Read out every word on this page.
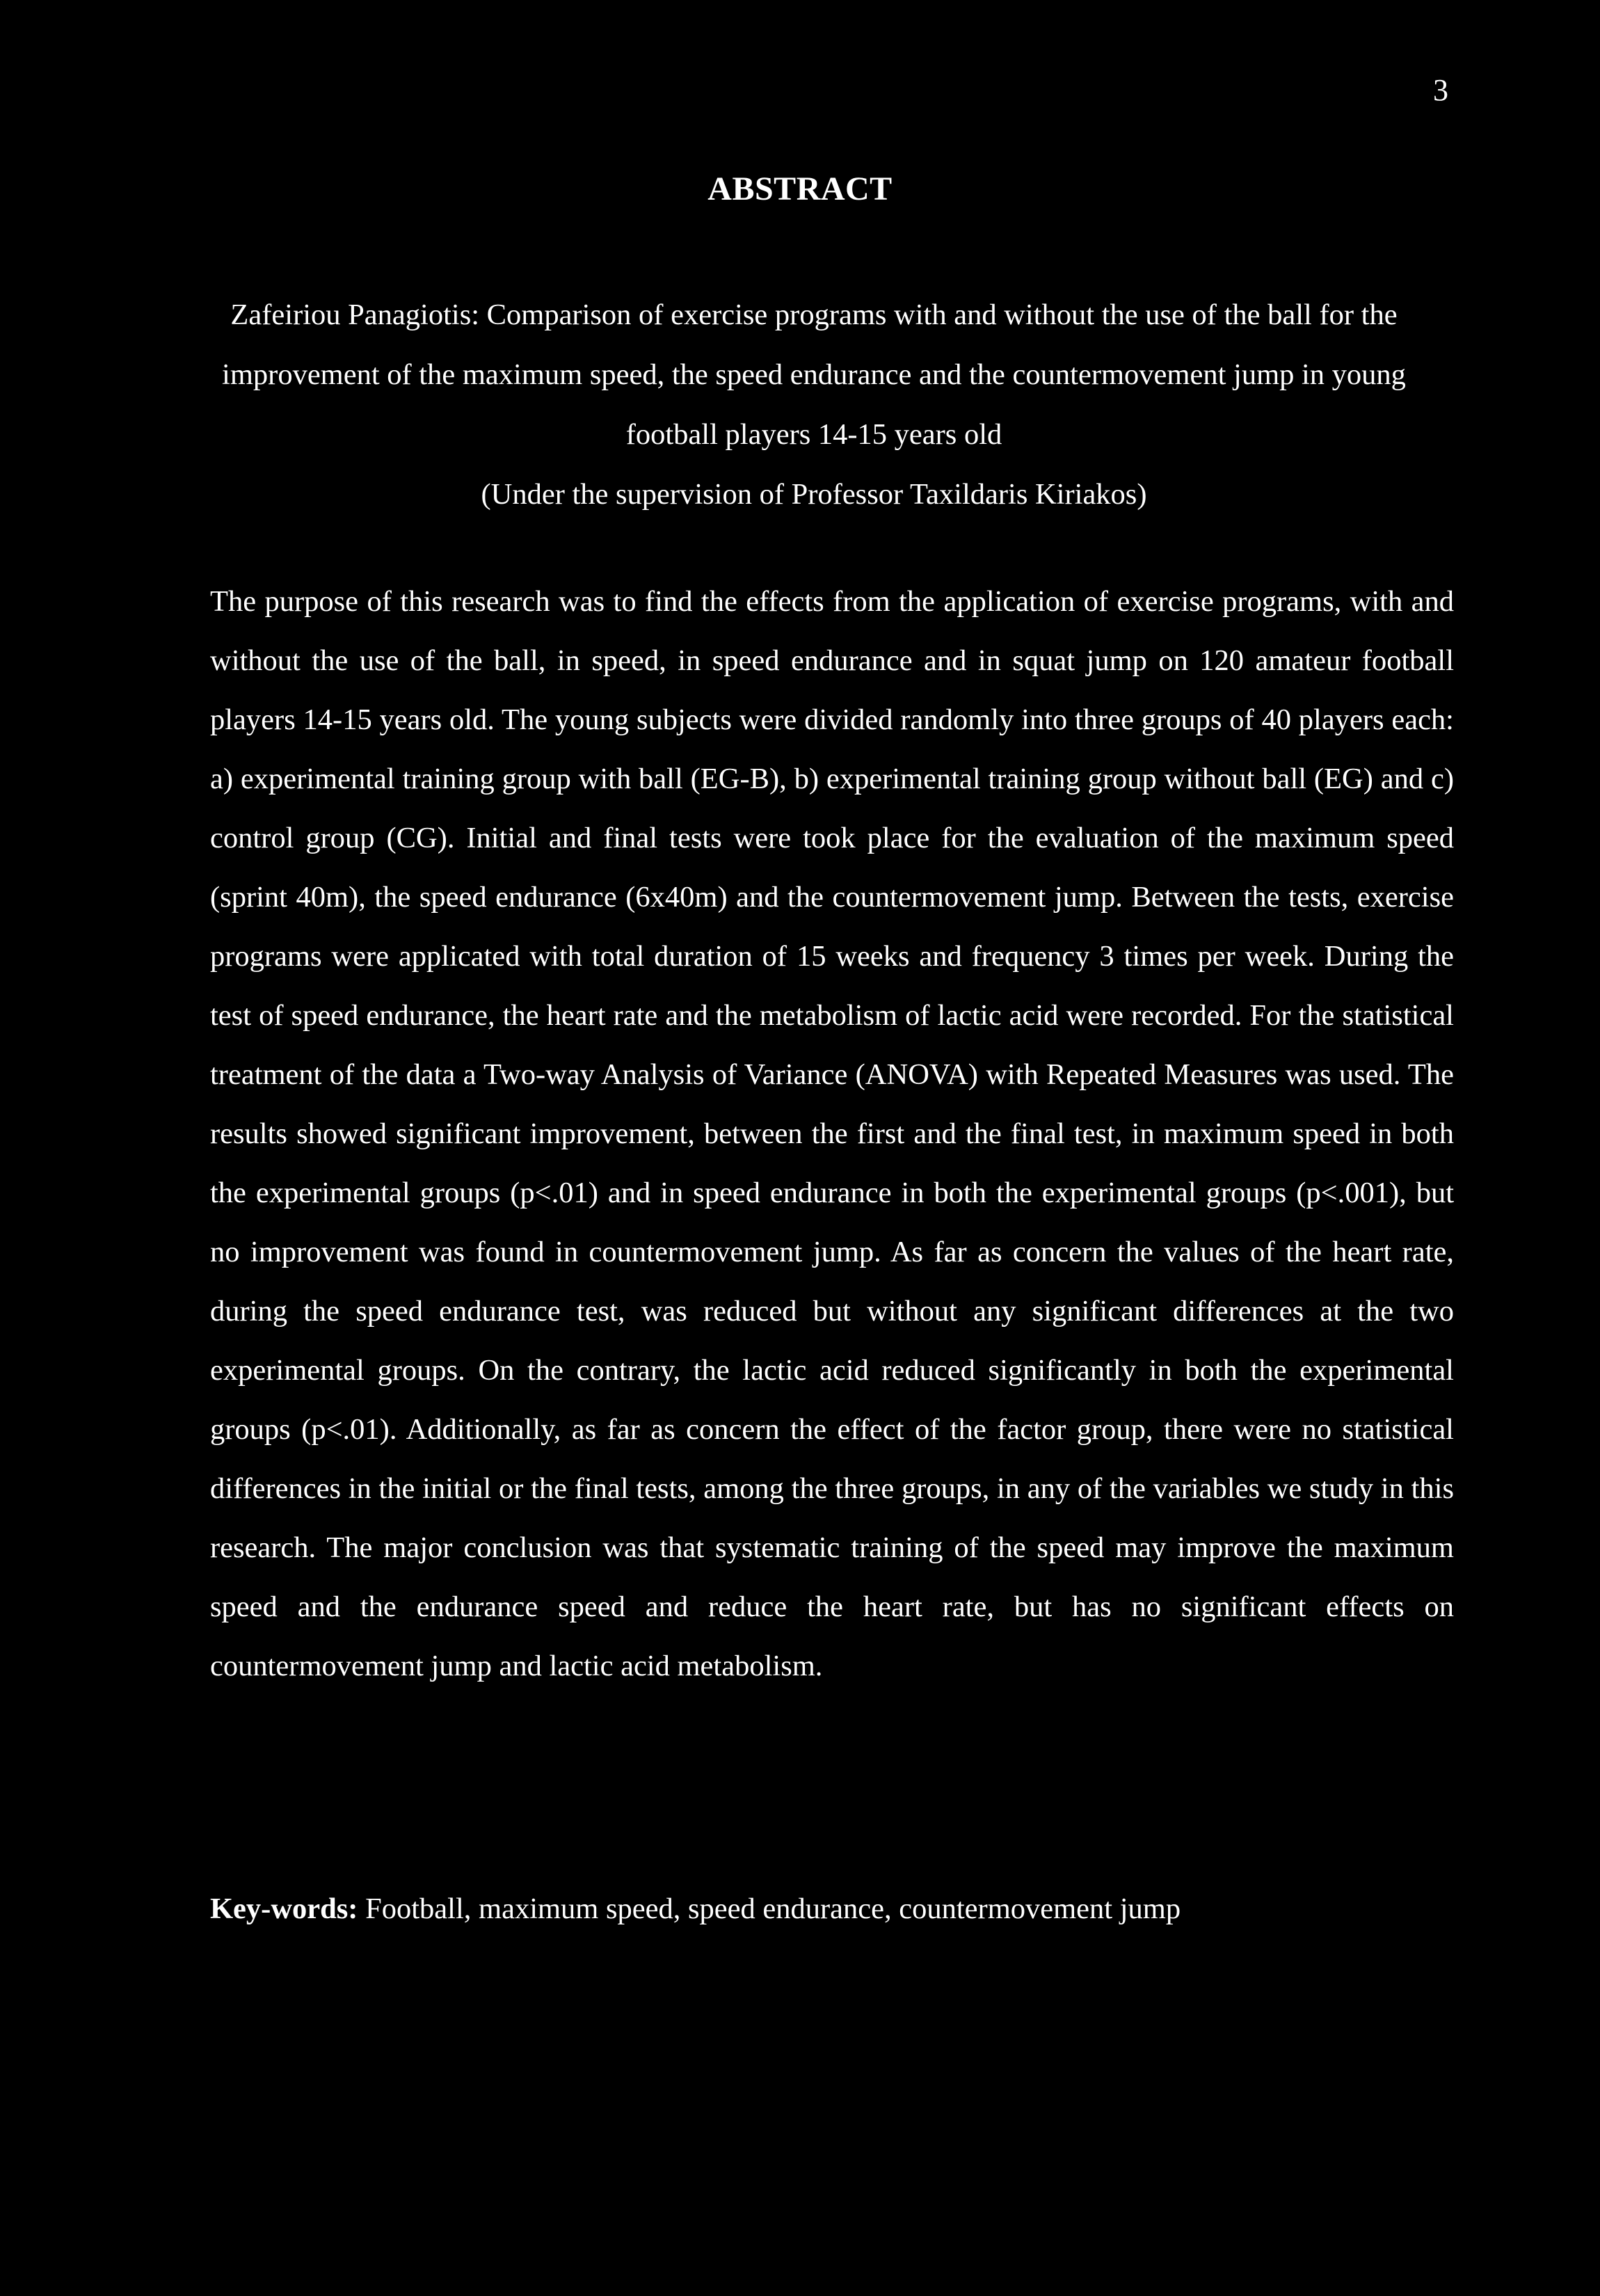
3
ABSTRACT
Zafeiriou Panagiotis: Comparison of exercise programs with and without the use of the ball for the improvement of the maximum speed, the speed endurance and the countermovement jump in young football players 14-15 years old
(Under the supervision of Professor Taxildaris Kiriakos)

The purpose of this research was to find the effects from the application of exercise programs, with and without the use of the ball, in speed, in speed endurance and in squat jump on 120 amateur football players 14-15 years old. The young subjects were divided randomly into three groups of 40 players each: a) experimental training group with ball (EG-B), b) experimental training group without ball (EG) and c) control group (CG). Initial and final tests were took place for the evaluation of the maximum speed (sprint 40m), the speed endurance (6x40m) and the countermovement jump. Between the tests, exercise programs were applicated with total duration of 15 weeks and frequency 3 times per week. During the test of speed endurance, the heart rate and the metabolism of lactic acid were recorded. For the statistical treatment of the data a Two-way Analysis of Variance (ANOVA) with Repeated Measures was used. The results showed significant improvement, between the first and the final test, in maximum speed in both the experimental groups (p<.01) and in speed endurance in both the experimental groups (p<.001), but no improvement was found in countermovement jump. As far as concern the values of the heart rate, during the speed endurance test, was reduced but without any significant differences at the two experimental groups. On the contrary, the lactic acid reduced significantly in both the experimental groups (p<.01). Additionally, as far as concern the effect of the factor group, there were no statistical differences in the initial or the final tests, among the three groups, in any of the variables we study in this research. The major conclusion was that systematic training of the speed may improve the maximum speed and the endurance speed and reduce the heart rate, but has no significant effects on countermovement jump and lactic acid metabolism.

Key-words: Football, maximum speed, speed endurance, countermovement jump
